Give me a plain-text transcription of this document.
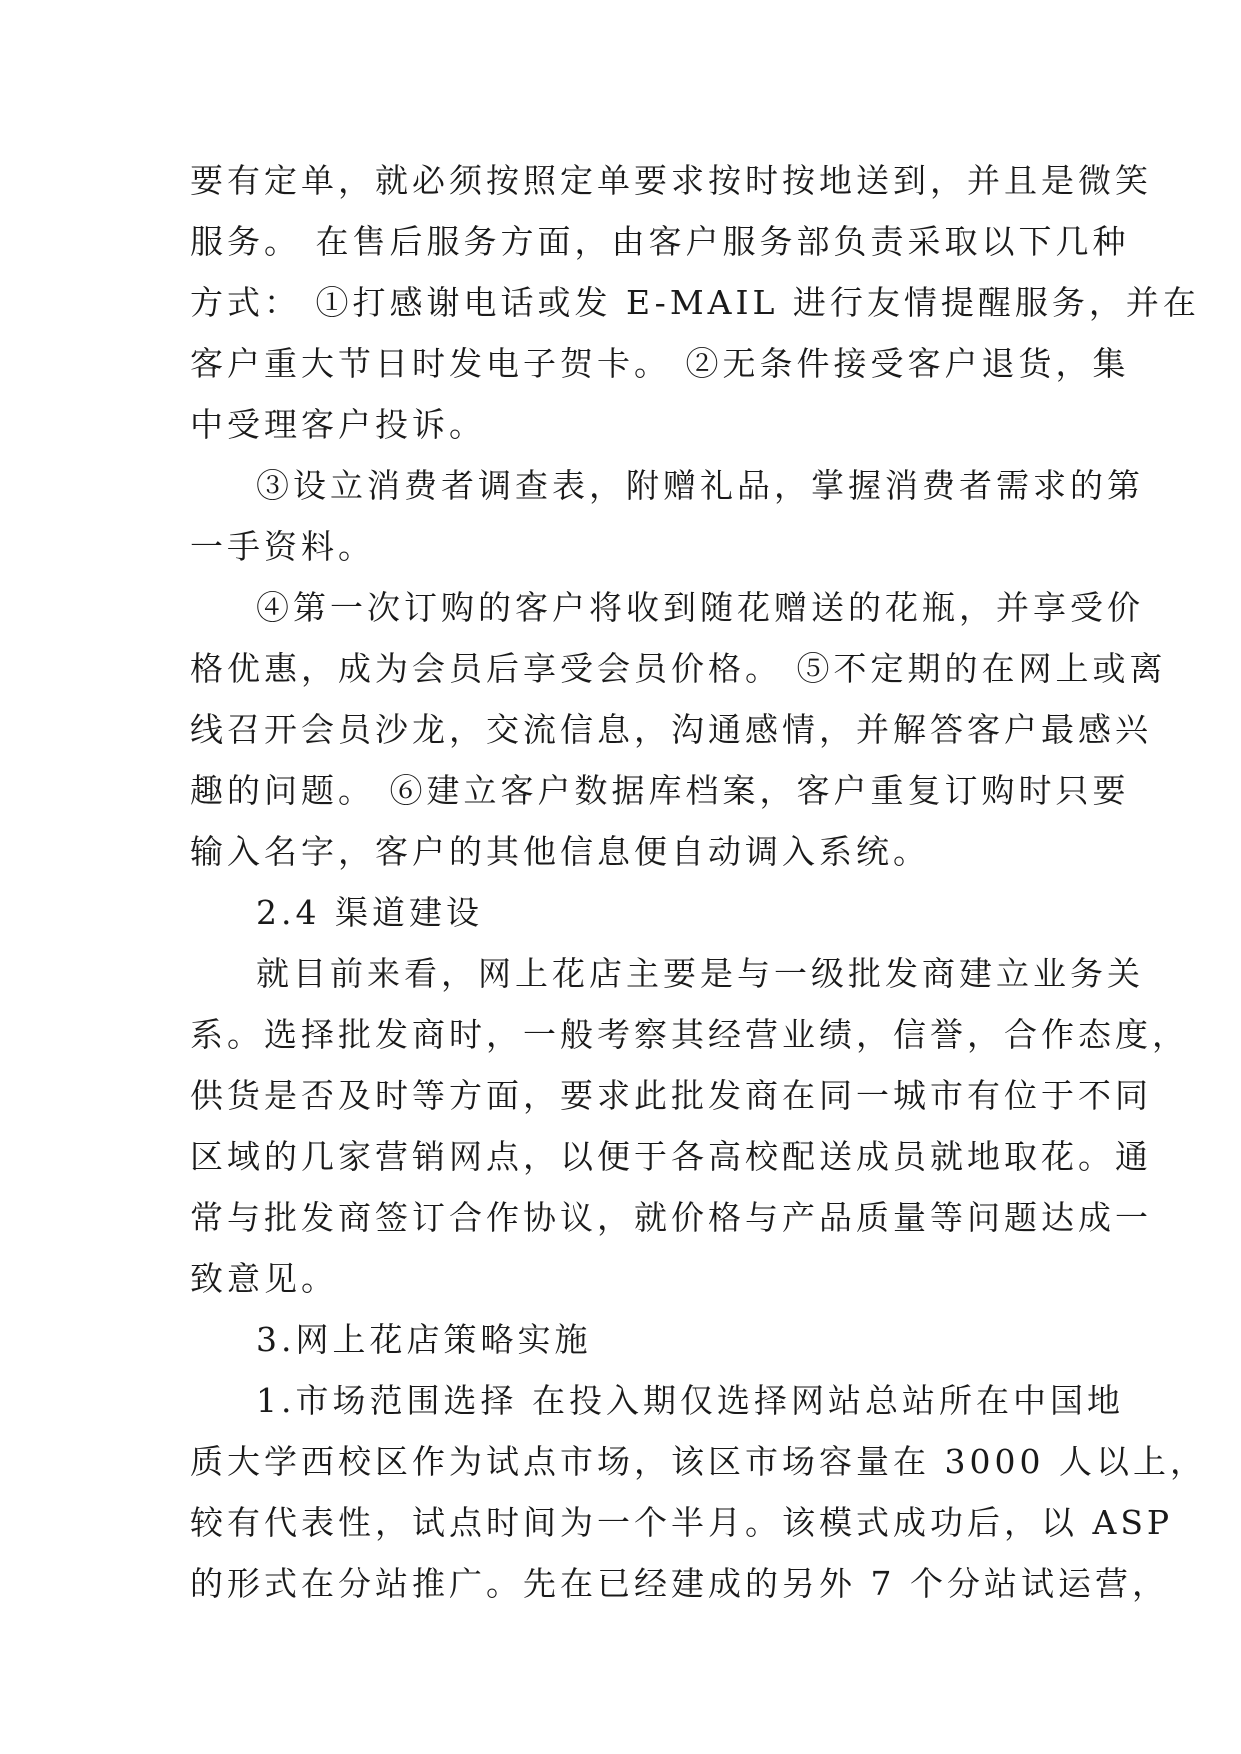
要有定单，就必须按照定单要求按时按地送到，并且是微笑
服务。 在售后服务方面，由客户服务部负责采取以下几种
方式： ①打感谢电话或发 E-MAIL 进行友情提醒服务，并在
客户重大节日时发电子贺卡。 ②无条件接受客户退货，集
中受理客户投诉。
③设立消费者调查表，附赠礼品，掌握消费者需求的第
一手资料。
④第一次订购的客户将收到随花赠送的花瓶，并享受价
格优惠，成为会员后享受会员价格。 ⑤不定期的在网上或离
线召开会员沙龙，交流信息，沟通感情，并解答客户最感兴
趣的问题。 ⑥建立客户数据库档案，客户重复订购时只要
输入名字，客户的其他信息便自动调入系统。
2.4 渠道建设
就目前来看，网上花店主要是与一级批发商建立业务关
系。选择批发商时，一般考察其经营业绩，信誉，合作态度，
供货是否及时等方面，要求此批发商在同一城市有位于不同
区域的几家营销网点，以便于各高校配送成员就地取花。通
常与批发商签订合作协议，就价格与产品质量等问题达成一
致意见。
3.网上花店策略实施
1.市场范围选择 在投入期仅选择网站总站所在中国地
质大学西校区作为试点市场，该区市场容量在 3000 人以上，
较有代表性，试点时间为一个半月。该模式成功后，以 ASP
的形式在分站推广。先在已经建成的另外 7 个分站试运营，
